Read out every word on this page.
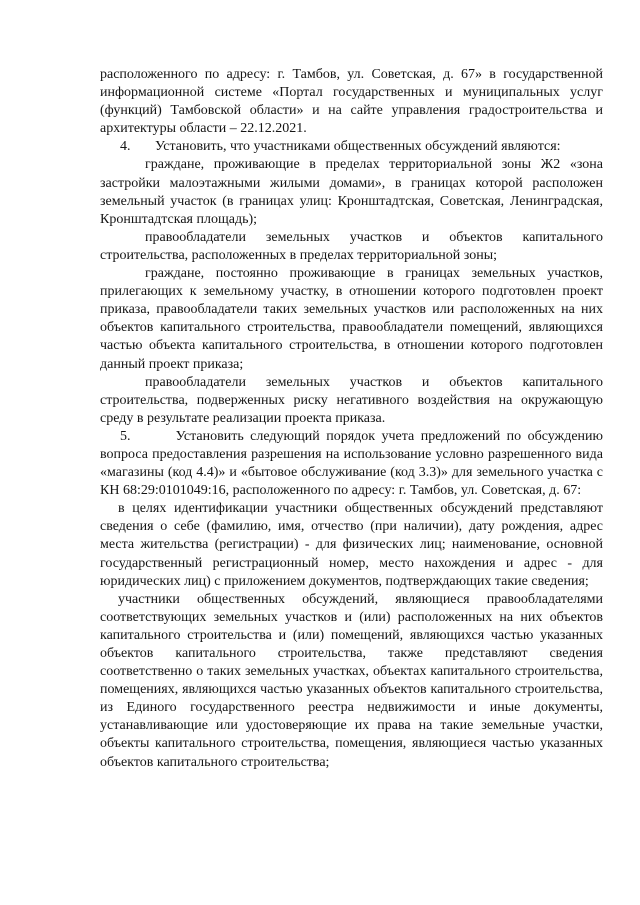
расположенного по адресу: г. Тамбов, ул. Советская, д. 67» в государственной информационной системе «Портал государственных и муниципальных услуг (функций) Тамбовской области» и на сайте управления градостроительства и архитектуры области – 22.12.2021.

4.       Установить, что участниками общественных обсуждений являются:

граждане, проживающие в пределах территориальной зоны Ж2 «зона застройки малоэтажными жилыми домами», в границах которой расположен земельный участок (в границах улиц: Кронштадтская, Советская, Ленинградская, Кронштадтская площадь);

правообладатели земельных участков и объектов капитального строительства, расположенных в пределах территориальной зоны;

граждане, постоянно проживающие в границах земельных участков, прилегающих к земельному участку, в отношении которого подготовлен проект приказа, правообладатели таких земельных участков или расположенных на них объектов капитального строительства, правообладатели помещений, являющихся частью объекта капитального строительства, в отношении которого подготовлен данный проект приказа;

правообладатели земельных участков и объектов капитального строительства, подверженных риску негативного воздействия на окружающую среду в результате реализации проекта приказа.

5.       Установить следующий порядок учета предложений по обсуждению вопроса предоставления разрешения на использование условно разрешенного вида «магазины (код 4.4)» и «бытовое обслуживание (код 3.3)» для земельного участка с КН 68:29:0101049:16, расположенного по адресу: г. Тамбов, ул. Советская, д. 67:

в целях идентификации участники общественных обсуждений представляют сведения о себе (фамилию, имя, отчество (при наличии), дату рождения, адрес места жительства (регистрации) - для физических лиц; наименование, основной государственный регистрационный номер, место нахождения и адрес - для юридических лиц) с приложением документов, подтверждающих такие сведения;

участники общественных обсуждений, являющиеся правообладателями соответствующих земельных участков и (или) расположенных на них объектов капитального строительства и (или) помещений, являющихся частью указанных объектов капитального строительства, также представляют сведения соответственно о таких земельных участках, объектах капитального строительства, помещениях, являющихся частью указанных объектов капитального строительства, из Единого государственного реестра недвижимости и иные документы, устанавливающие или удостоверяющие их права на такие земельные участки, объекты капитального строительства, помещения, являющиеся частью указанных объектов капитального строительства;
